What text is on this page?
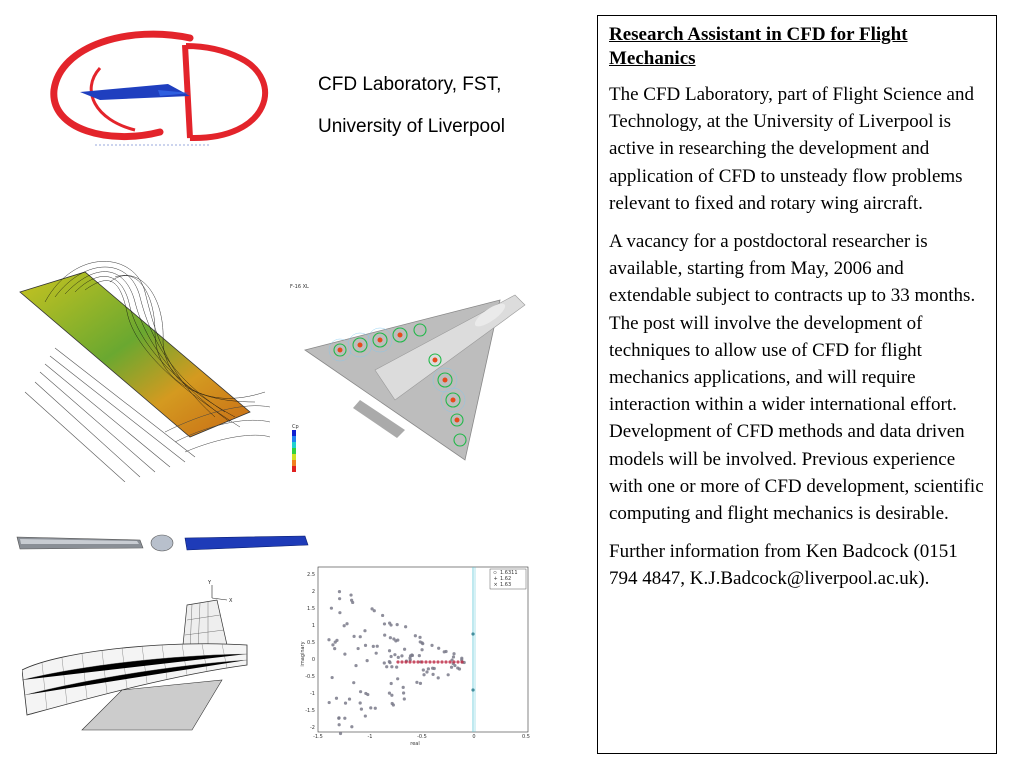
CFD Laboratory, FST,
University of Liverpool
Research Assistant in CFD for Flight Mechanics

The CFD Laboratory, part of Flight Science and Technology, at the University of Liverpool is active in researching the development and application of CFD to unsteady flow problems relevant to fixed and rotary wing aircraft.

A vacancy for a postdoctoral researcher is available, starting from May, 2006 and extendable subject to contracts up to 33 months. The post will involve the development of techniques to allow use of CFD for flight mechanics applications, and will require interaction within a wider international effort. Development of CFD methods and data driven models will be involved. Previous experience with one or more of CFD development, scientific computing and flight mechanics is desirable.

Further information from Ken Badcock (0151 794 4847, K.J.Badcock@liverpool.ac.uk).

F-16 XL
Cp
Y
X
2.5
2
1.5
1
0.5
0
-0.5
-1
-1.5
-2
-1.5	-1	-0.5	0	0.5
1.6311
1.62
1.63
+
×
real
imaginary
